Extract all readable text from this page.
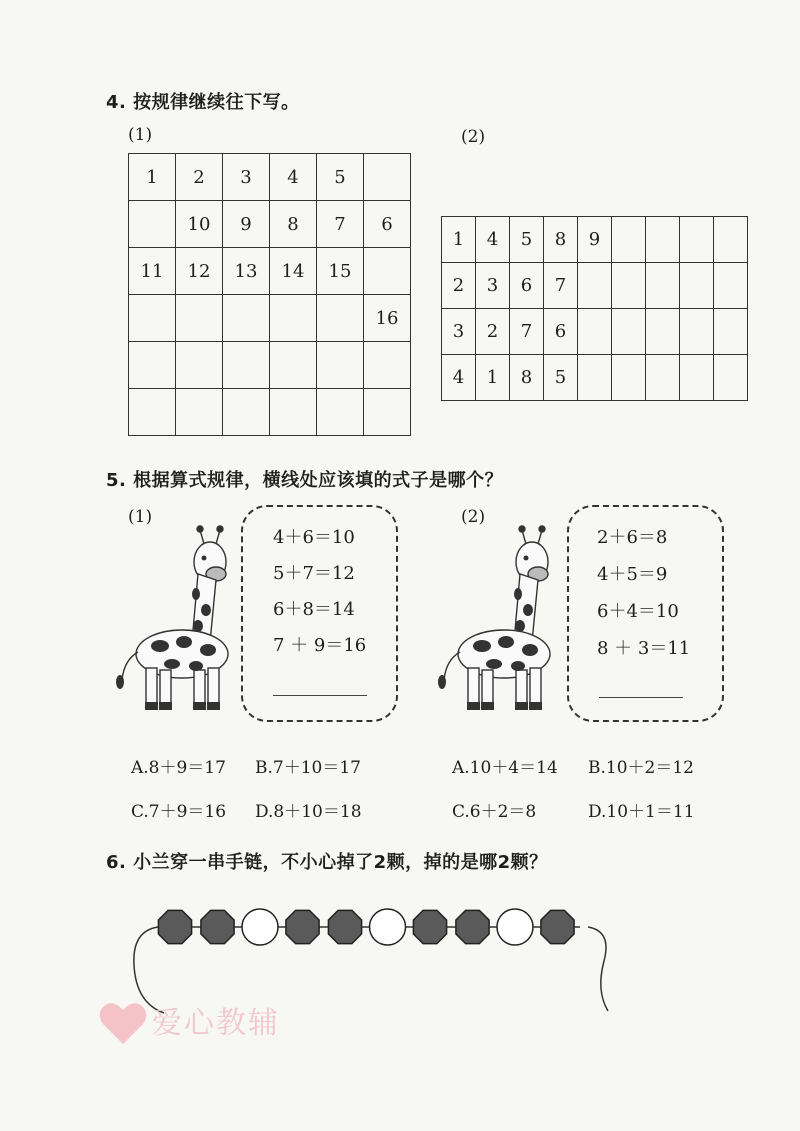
4. 按规律继续往下写。
(1)	(2)
1	2	3	4	5	
	10	9	8	7	6
11	12	13	14	15	
					16

1	4	5	8	9				
2	3	6	7					
3	2	7	6					
4	1	8	5					
5. 根据算式规律，横线处应该填的式子是哪个？
(1)
4＋6＝10
5＋7＝12
6＋8＝14
7 ＋ 9＝16
A.8＋9＝17 B.7＋10＝17
C.7＋9＝16 D.8＋10＝18
(2)
2＋6＝8
4＋5＝9
6＋4＝10
8 ＋ 3＝11
A.10＋4＝14 B.10＋2＝12
C.6＋2＝8	D.10＋1＝11
6. 小兰穿一串手链，不小心掉了2颗，掉的是哪2颗？
爱心教辅
